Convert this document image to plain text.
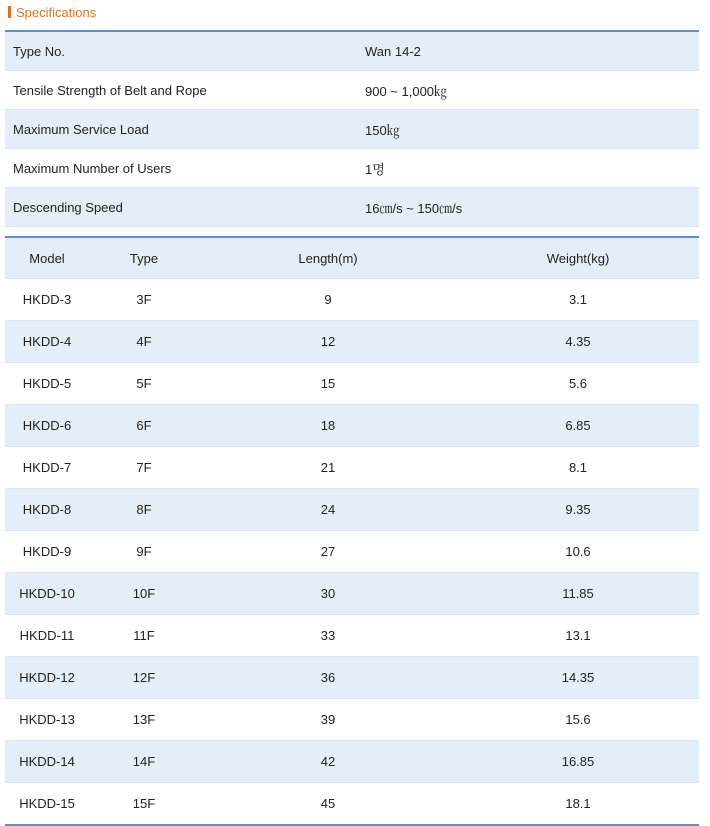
Specifications
Type No.	Wan 14-2
Tensile Strength of Belt and Rope	900 ~ 1,000㎏
Maximum Service Load	150㎏
Maximum Number of Users	1명
Descending Speed	16㎝/s ~ 150㎝/s
Model	Type	Length(m)	Weight(kg)
HKDD-3	3F	9	3.1
HKDD-4	4F	12	4.35
HKDD-5	5F	15	5.6
HKDD-6	6F	18	6.85
HKDD-7	7F	21	8.1
HKDD-8	8F	24	9.35
HKDD-9	9F	27	10.6
HKDD-10	10F	30	11.85
HKDD-11	11F	33	13.1
HKDD-12	12F	36	14.35
HKDD-13	13F	39	15.6
HKDD-14	14F	42	16.85
HKDD-15	15F	45	18.1
